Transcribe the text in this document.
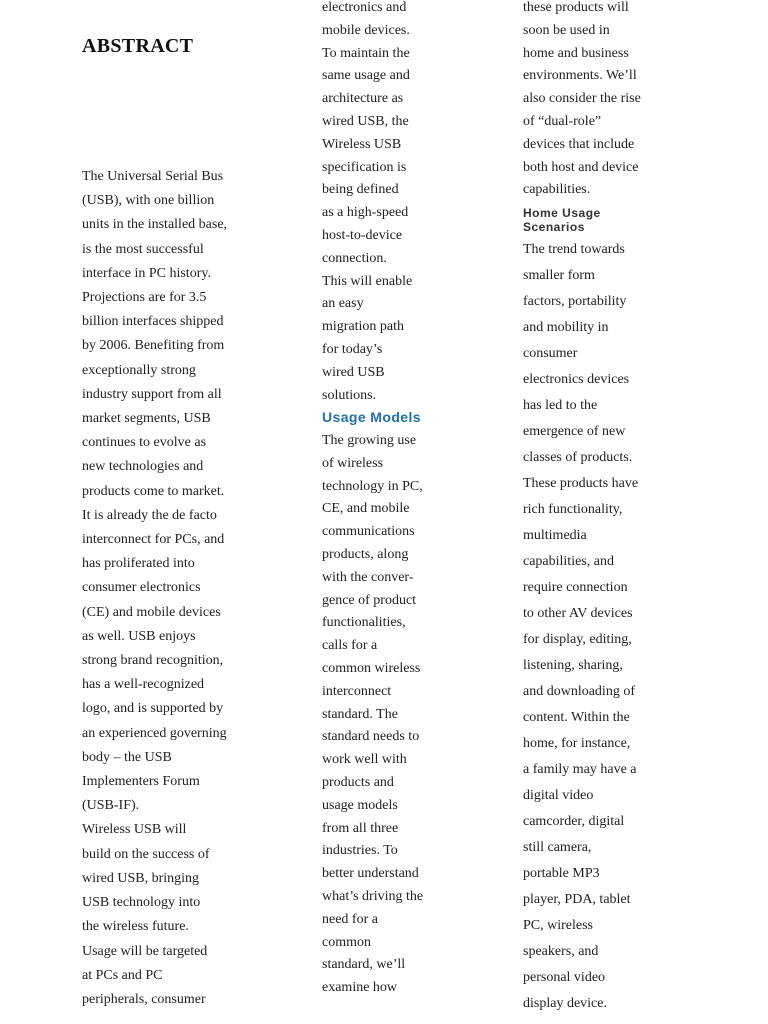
ABSTRACT
The Universal Serial Bus
(USB), with one billion
units in the installed base,
is the most successful
interface in PC history.
Projections are for 3.5
billion interfaces shipped
by 2006. Benefiting from
exceptionally strong
industry support from all
market segments, USB
continues to evolve as
new technologies and
products come to market.
It is already the de facto
interconnect for PCs, and
has proliferated into
consumer electronics
(CE) and mobile devices
as well. USB enjoys
strong brand recognition,
has a well-recognized
logo, and is supported by
an experienced governing
body – the USB
Implementers Forum
(USB-IF).
Wireless USB will
build on the success of
wired USB, bringing
USB technology into
the wireless future.
Usage will be targeted
at PCs and PC
peripherals, consumer
electronics and
mobile devices.
To maintain the
same usage and
architecture as
wired USB, the
Wireless USB
specification is
being defined
as a high-speed
host-to-device
connection.
This will enable
an easy
migration path
for today’s
wired USB
solutions.
Usage Models
The growing use
of wireless
technology in PC,
CE, and mobile
communications
products, along
with the conver-
gence of product
functionalities,
calls for a
common wireless
interconnect
standard. The
standard needs to
work well with
products and
usage models
from all three
industries. To
better understand
what’s driving the
need for a
common
standard, we’ll
examine how
these products will
soon be used in
home and business
environments. We’ll
also consider the rise
of “dual-role”
devices that include
both host and device
capabilities.
Home Usage
Scenarios
The trend towards
smaller form
factors, portability
and mobility in
consumer
electronics devices
has led to the
emergence of new
classes of products.
These products have
rich functionality,
multimedia
capabilities, and
require connection
to other AV devices
for display, editing,
listening, sharing,
and downloading of
content. Within the
home, for instance,
a family may have a
digital video
camcorder, digital
still camera,
portable MP3
player, PDA, tablet
PC, wireless
speakers, and
personal video
display device.
